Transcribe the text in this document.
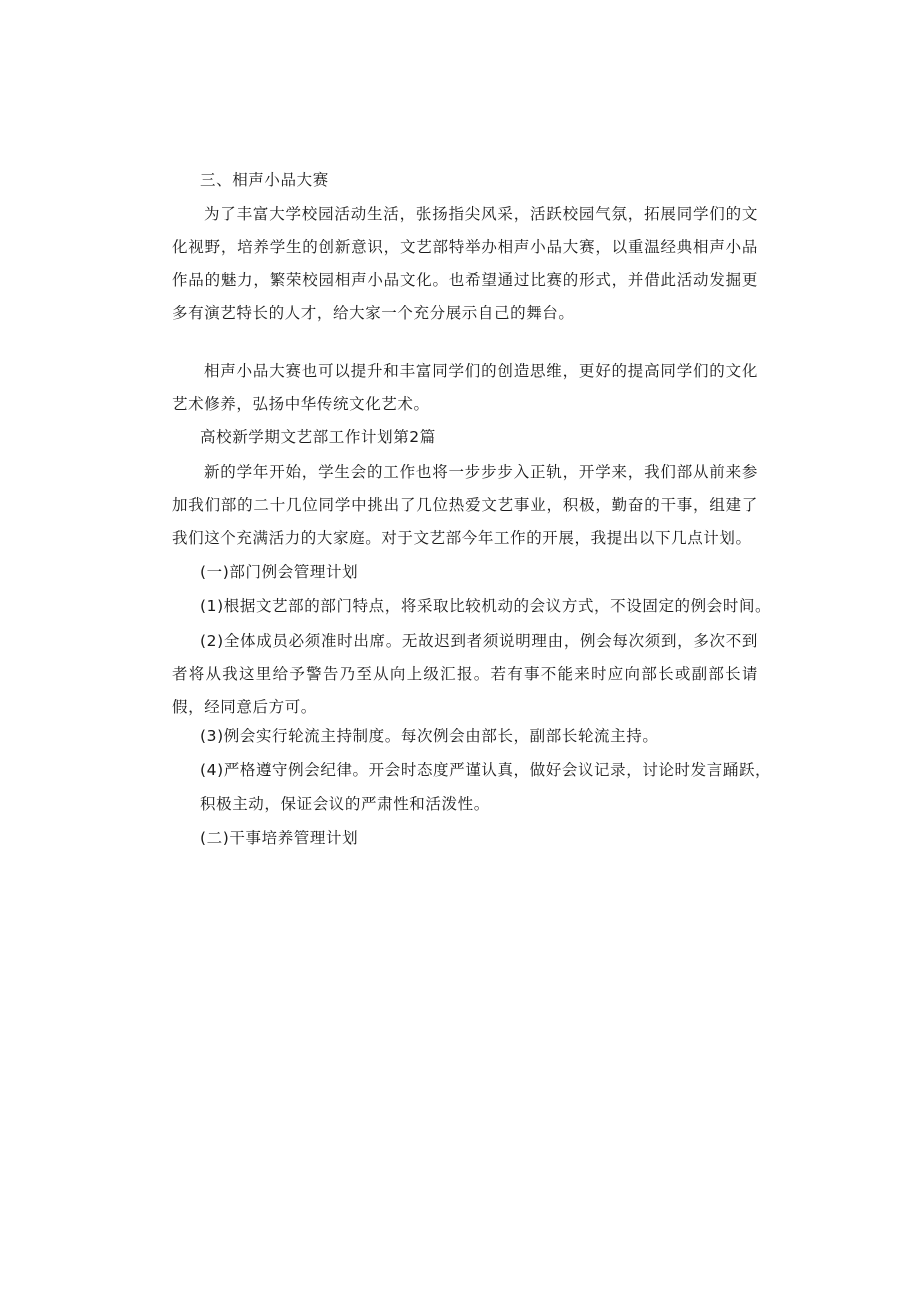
三、相声小品大赛
为了丰富大学校园活动生活，张扬指尖风采，活跃校园气氛，拓展同学们的文化视野，培养学生的创新意识，文艺部特举办相声小品大赛，以重温经典相声小品作品的魅力，繁荣校园相声小品文化。也希望通过比赛的形式，并借此活动发掘更多有演艺特长的人才，给大家一个充分展示自己的舞台。
相声小品大赛也可以提升和丰富同学们的创造思维，更好的提高同学们的文化艺术修养，弘扬中华传统文化艺术。
高校新学期文艺部工作计划第2篇
新的学年开始，学生会的工作也将一步步步入正轨，开学来，我们部从前来参加我们部的二十几位同学中挑出了几位热爱文艺事业，积极，勤奋的干事，组建了我们这个充满活力的大家庭。对于文艺部今年工作的开展，我提出以下几点计划。
(一)部门例会管理计划
(1)根据文艺部的部门特点，将采取比较机动的会议方式，不设固定的例会时间。
(2)全体成员必须准时出席。无故迟到者须说明理由，例会每次须到，多次不到者将从我这里给予警告乃至从向上级汇报。若有事不能来时应向部长或副部长请假，经同意后方可。
(3)例会实行轮流主持制度。每次例会由部长，副部长轮流主持。
(4)严格遵守例会纪律。开会时态度严谨认真，做好会议记录，讨论时发言踊跃，
积极主动，保证会议的严肃性和活泼性。
(二)干事培养管理计划
